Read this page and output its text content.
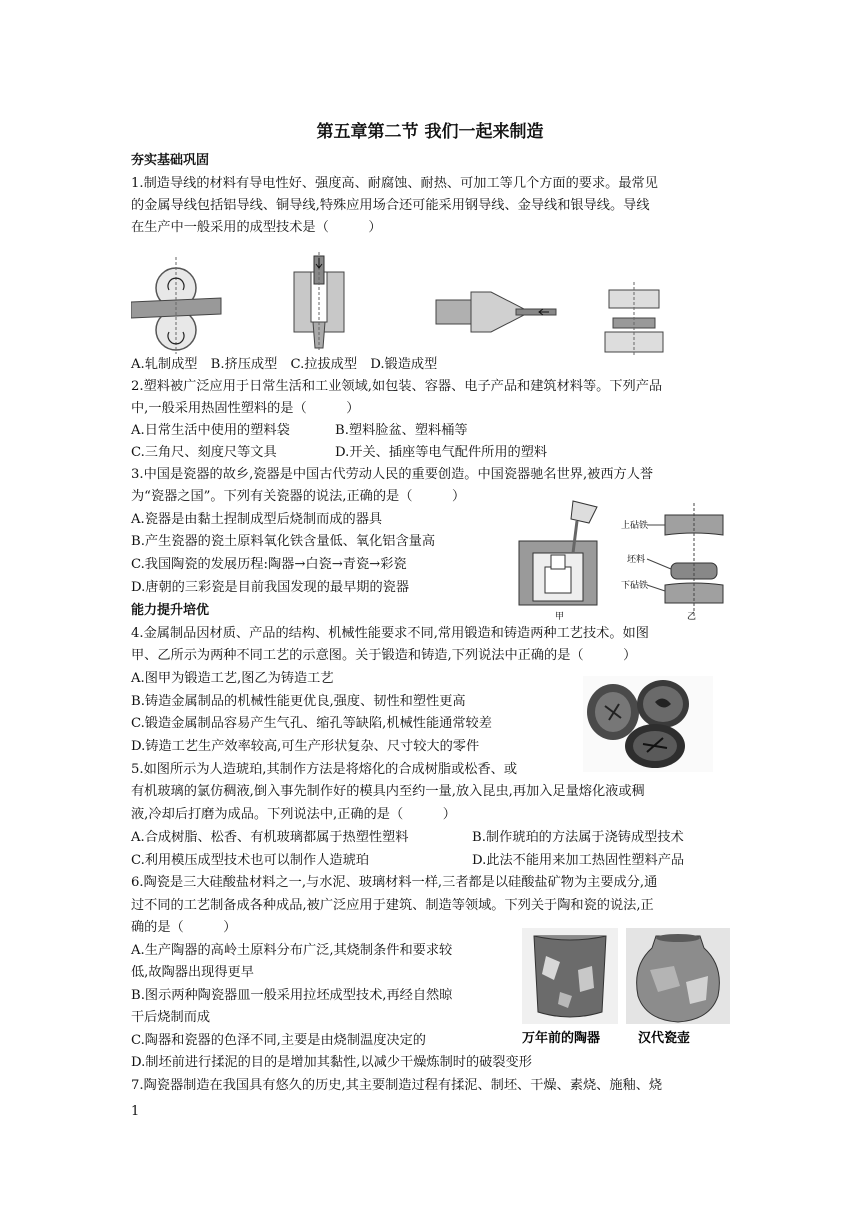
第五章第二节 我们一起来制造
夯实基础巩固
1.制造导线的材料有导电性好、强度高、耐腐蚀、耐热、可加工等几个方面的要求。最常见
的金属导线包括铝导线、铜导线,特殊应用场合还可能采用钢导线、金导线和银导线。导线
在生产中一般采用的成型技术是（　　　）
A.轧制成型　B.挤压成型　C.拉拔成型　D.锻造成型
2.塑料被广泛应用于日常生活和工业领域,如包装、容器、电子产品和建筑材料等。下列产品
中,一般采用热固性塑料的是（　　　）
A.日常生活中使用的塑料袋	B.塑料脸盆、塑料桶等
C.三角尺、刻度尺等文具	D.开关、插座等电气配件所用的塑料
3.中国是瓷器的故乡,瓷器是中国古代劳动人民的重要创造。中国瓷器驰名世界,被西方人誉
为“瓷器之国”。下列有关瓷器的说法,正确的是（　　　）
A.瓷器是由黏土捏制成型后烧制而成的器具
B.产生瓷器的瓷土原料氧化铁含量低、氧化铝含量高
C.我国陶瓷的发展历程:陶器→白瓷→青瓷→彩瓷
D.唐朝的三彩瓷是目前我国发现的最早期的瓷器
甲
上砧铁
坯料
下砧铁
乙
能力提升培优
4.金属制品因材质、产品的结构、机械性能要求不同,常用锻造和铸造两种工艺技术。如图
甲、乙所示为两种不同工艺的示意图。关于锻造和铸造,下列说法中正确的是（　　　）
A.图甲为锻造工艺,图乙为铸造工艺
B.铸造金属制品的机械性能更优良,强度、韧性和塑性更高
C.锻造金属制品容易产生气孔、缩孔等缺陷,机械性能通常较差
D.铸造工艺生产效率较高,可生产形状复杂、尺寸较大的零件
5.如图所示为人造琥珀,其制作方法是将熔化的合成树脂或松香、或
有机玻璃的氯仿稠液,倒入事先制作好的模具内至约一量,放入昆虫,再加入足量熔化液或稠
液,冷却后打磨为成品。下列说法中,正确的是（　　　）
A.合成树脂、松香、有机玻璃都属于热塑性塑料	B.制作琥珀的方法属于浇铸成型技术
C.利用模压成型技术也可以制作人造琥珀	D.此法不能用来加工热固性塑料产品
6.陶瓷是三大硅酸盐材料之一,与水泥、玻璃材料一样,三者都是以硅酸盐矿物为主要成分,通
过不同的工艺制备成各种成品,被广泛应用于建筑、制造等领域。下列关于陶和瓷的说法,正
确的是（　　　）
A.生产陶器的高岭土原料分布广泛,其烧制条件和要求较
低,故陶器出现得更早
B.图示两种陶瓷器皿一般采用拉坯成型技术,再经自然晾
干后烧制而成
C.陶器和瓷器的色泽不同,主要是由烧制温度决定的
D.制坯前进行揉泥的目的是增加其黏性,以减少干燥炼制时的破裂变形
万年前的陶器	汉代瓷壶
7.陶瓷器制造在我国具有悠久的历史,其主要制造过程有揉泥、制坯、干燥、素烧、施釉、烧
1
